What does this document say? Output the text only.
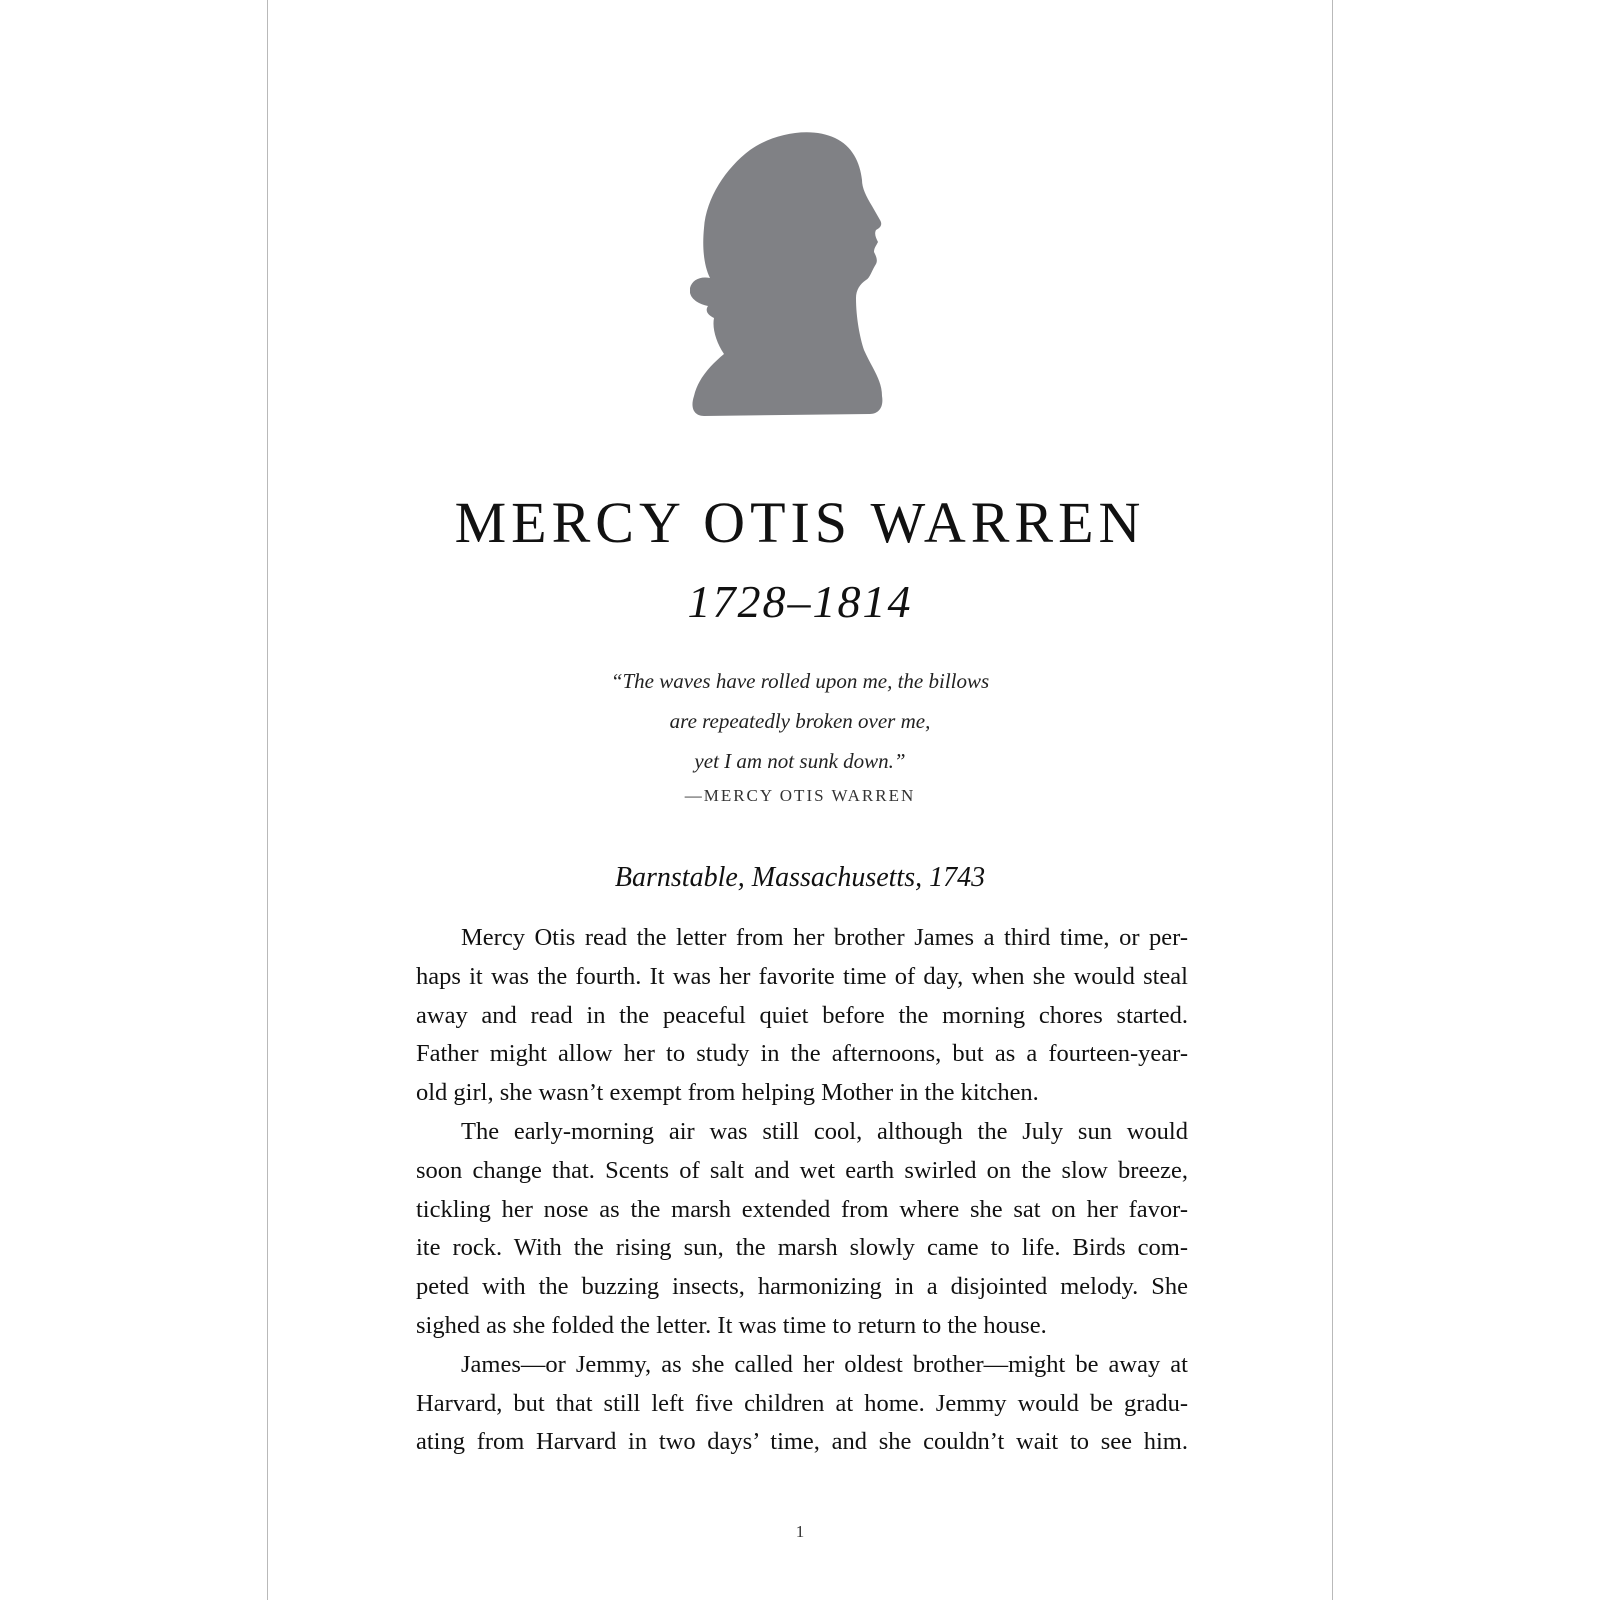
MERCY OTIS WARREN
1728–1814
“The waves have rolled upon me, the billows
are repeatedly broken over me,
yet I am not sunk down.”
—MERCY OTIS WARREN
Barnstable, Massachusetts, 1743
Mercy Otis read the letter from her brother James a third time, or per-
haps it was the fourth. It was her favorite time of day, when she would steal
away and read in the peaceful quiet before the morning chores started.
Father might allow her to study in the afternoons, but as a fourteen-year-
old girl, she wasn’t exempt from helping Mother in the kitchen.
The early-morning air was still cool, although the July sun would
soon change that. Scents of salt and wet earth swirled on the slow breeze,
tickling her nose as the marsh extended from where she sat on her favor-
ite rock. With the rising sun, the marsh slowly came to life. Birds com-
peted with the buzzing insects, harmonizing in a disjointed melody. She
sighed as she folded the letter. It was time to return to the house.
James—or Jemmy, as she called her oldest brother—might be away at
Harvard, but that still left five children at home. Jemmy would be gradu-
ating from Harvard in two days’ time, and she couldn’t wait to see him.
1
